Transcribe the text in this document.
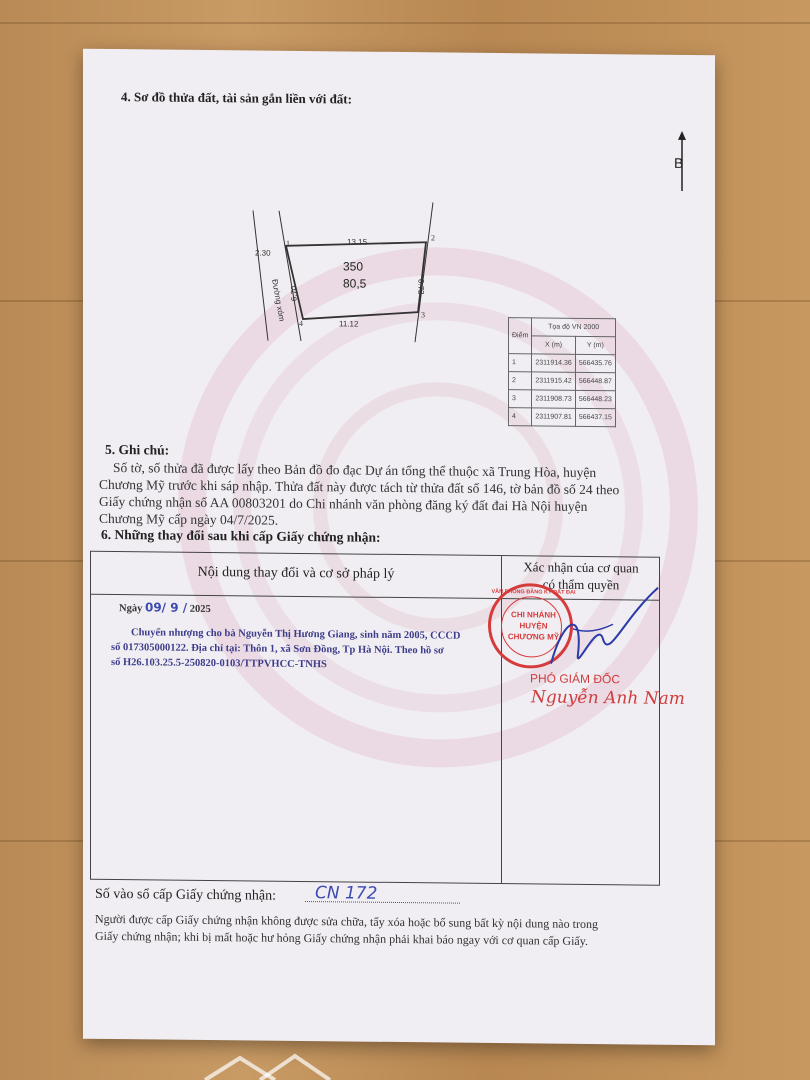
4. Sơ đồ thửa đất, tài sản gắn liền với đất:
B
350
80,5
2.30
13.15
6.70	6.72
11.12
Đường xóm
1
2
3
4
Điểm	Tọa độ VN 2000	
	X (m)	Y (m)
1	2311914.36	566435.76
2	2311915.42	566448.87
3	2311908.73	566448.23
4	2311907.81	566437.15
5. Ghi chú:
Số tờ, số thửa đã được lấy theo Bản đồ đo đạc Dự án tổng thể thuộc xã Trung Hòa, huyện
Chương Mỹ trước khi sáp nhập. Thửa đất này được tách từ thửa đất số 146, tờ bản đồ số 24 theo
Giấy chứng nhận số AA 00803201 do Chi nhánh văn phòng đăng ký đất đai Hà Nội huyện
Chương Mỹ cấp ngày 04/7/2025.
6. Những thay đổi sau khi cấp Giấy chứng nhận:
Nội dung thay đổi và cơ sở pháp lý	Xác nhận của cơ quan
có thẩm quyền
Ngày 09/ 9 / 2025
Chuyển nhượng cho bà Nguyễn Thị Hương Giang, sinh năm 2005, CCCD
số 017305000122. Địa chỉ tại: Thôn 1, xã Sơn Đồng, Tp Hà Nội. Theo hồ sơ
số H26.103.25.5-250820-0103/TTPVHCC-TNHS
VĂN PHÒNG ĐĂNG KÝ ĐẤT ĐAI
CHI NHÁNH
HUYỆN
CHƯƠNG MỸ
PHÓ GIÁM ĐỐC
Nguyễn Anh Nam
Số vào sổ cấp Giấy chứng nhận: CN 172
Người được cấp Giấy chứng nhận không được sửa chữa, tẩy xóa hoặc bổ sung bất kỳ nội dung nào trong
Giấy chứng nhận; khi bị mất hoặc hư hỏng Giấy chứng nhận phải khai báo ngay với cơ quan cấp Giấy.
